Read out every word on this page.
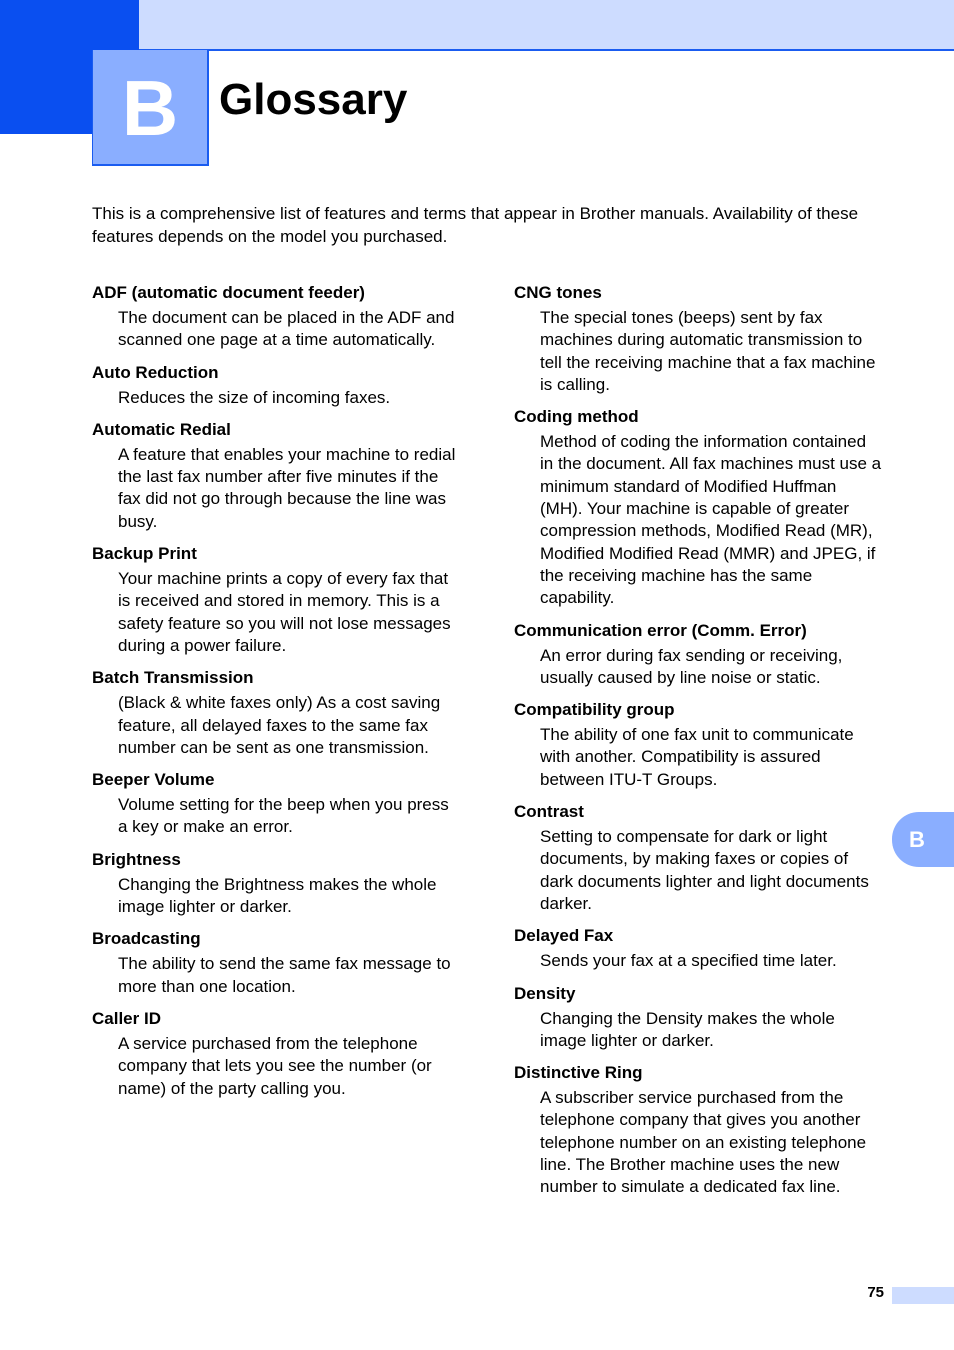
B Glossary

This is a comprehensive list of features and terms that appear in Brother manuals. Availability of these features depends on the model you purchased.

ADF (automatic document feeder)
The document can be placed in the ADF and scanned one page at a time automatically.
Auto Reduction
Reduces the size of incoming faxes.
Automatic Redial
A feature that enables your machine to redial the last fax number after five minutes if the fax did not go through because the line was busy.
Backup Print
Your machine prints a copy of every fax that is received and stored in memory. This is a safety feature so you will not lose messages during a power failure.
Batch Transmission
(Black & white faxes only) As a cost saving feature, all delayed faxes to the same fax number can be sent as one transmission.
Beeper Volume
Volume setting for the beep when you press a key or make an error.
Brightness
Changing the Brightness makes the whole image lighter or darker.
Broadcasting
The ability to send the same fax message to more than one location.
Caller ID
A service purchased from the telephone company that lets you see the number (or name) of the party calling you.
CNG tones
The special tones (beeps) sent by fax machines during automatic transmission to tell the receiving machine that a fax machine is calling.
Coding method
Method of coding the information contained in the document. All fax machines must use a minimum standard of Modified Huffman (MH). Your machine is capable of greater compression methods, Modified Read (MR), Modified Modified Read (MMR) and JPEG, if the receiving machine has the same capability.
Communication error (Comm. Error)
An error during fax sending or receiving, usually caused by line noise or static.
Compatibility group
The ability of one fax unit to communicate with another. Compatibility is assured between ITU-T Groups.
Contrast
Setting to compensate for dark or light documents, by making faxes or copies of dark documents lighter and light documents darker.
Delayed Fax
Sends your fax at a specified time later.
Density
Changing the Density makes the whole image lighter or darker.
Distinctive Ring
A subscriber service purchased from the telephone company that gives you another telephone number on an existing telephone line. The Brother machine uses the new number to simulate a dedicated fax line.
B
75
